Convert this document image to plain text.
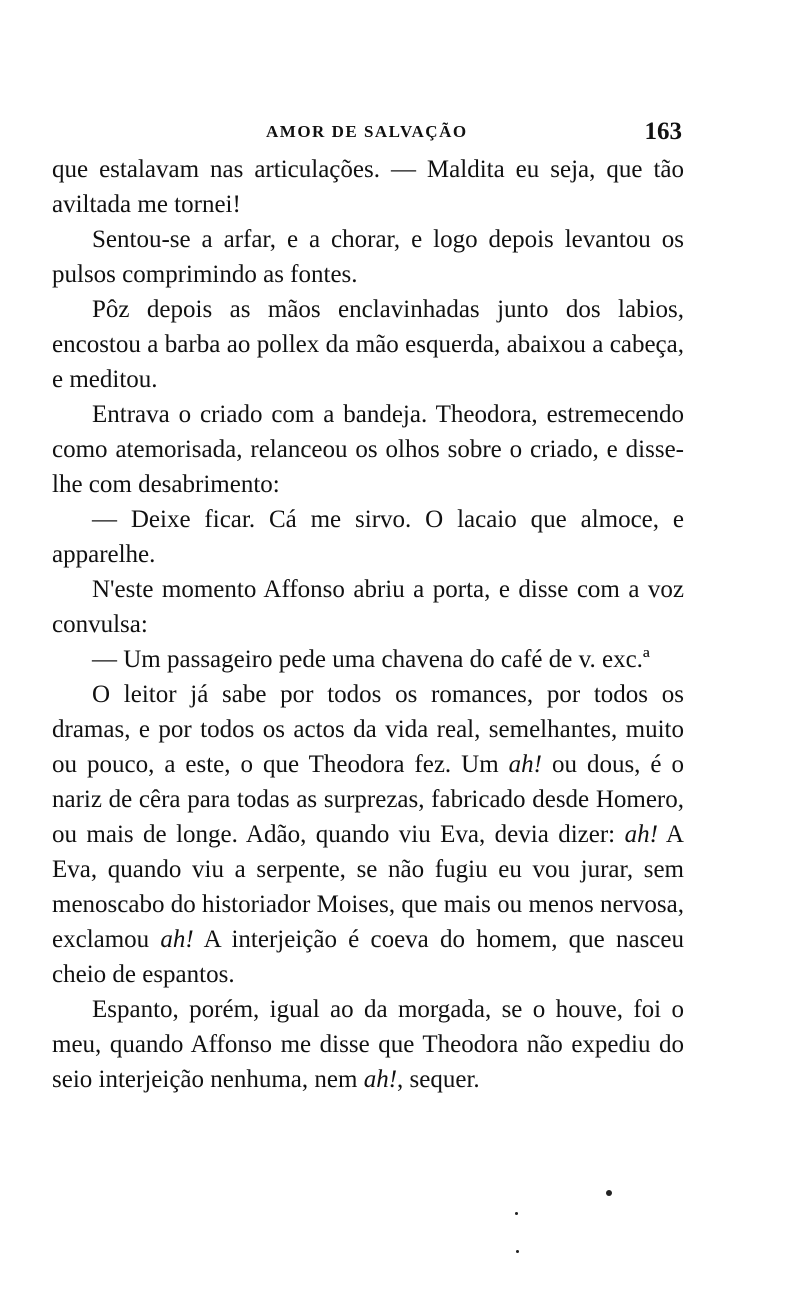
AMOR DE SALVAÇÃO	163

que estalavam nas articulações. — Maldita eu seja, que tão aviltada me tornei!

Sentou-se a arfar, e a chorar, e logo depois levantou os pulsos comprimindo as fontes.

Pôz depois as mãos enclavinhadas junto dos labios, encostou a barba ao pollex da mão esquerda, abaixou a cabeça, e meditou.

Entrava o criado com a bandeja. Theodora, estremecendo como atemorisada, relanceou os olhos sobre o criado, e disse-lhe com desabrimento:

— Deixe ficar. Cá me sirvo. O lacaio que almoce, e apparelhe.

N'este momento Affonso abriu a porta, e disse com a voz convulsa:

— Um passageiro pede uma chavena do café de v. exc.ª

O leitor já sabe por todos os romances, por todos os dramas, e por todos os actos da vida real, semelhantes, muito ou pouco, a este, o que Theodora fez. Um ah! ou dous, é o nariz de cêra para todas as surprezas, fabricado desde Homero, ou mais de longe. Adão, quando viu Eva, devia dizer: ah! A Eva, quando viu a serpente, se não fugiu eu vou jurar, sem menoscabo do historiador Moises, que mais ou menos nervosa, exclamou ah! A interjeição é coeva do homem, que nasceu cheio de espantos.

Espanto, porém, igual ao da morgada, se o houve, foi o meu, quando Affonso me disse que Theodora não expediu do seio interjeição nenhuma, nem ah!, sequer.
